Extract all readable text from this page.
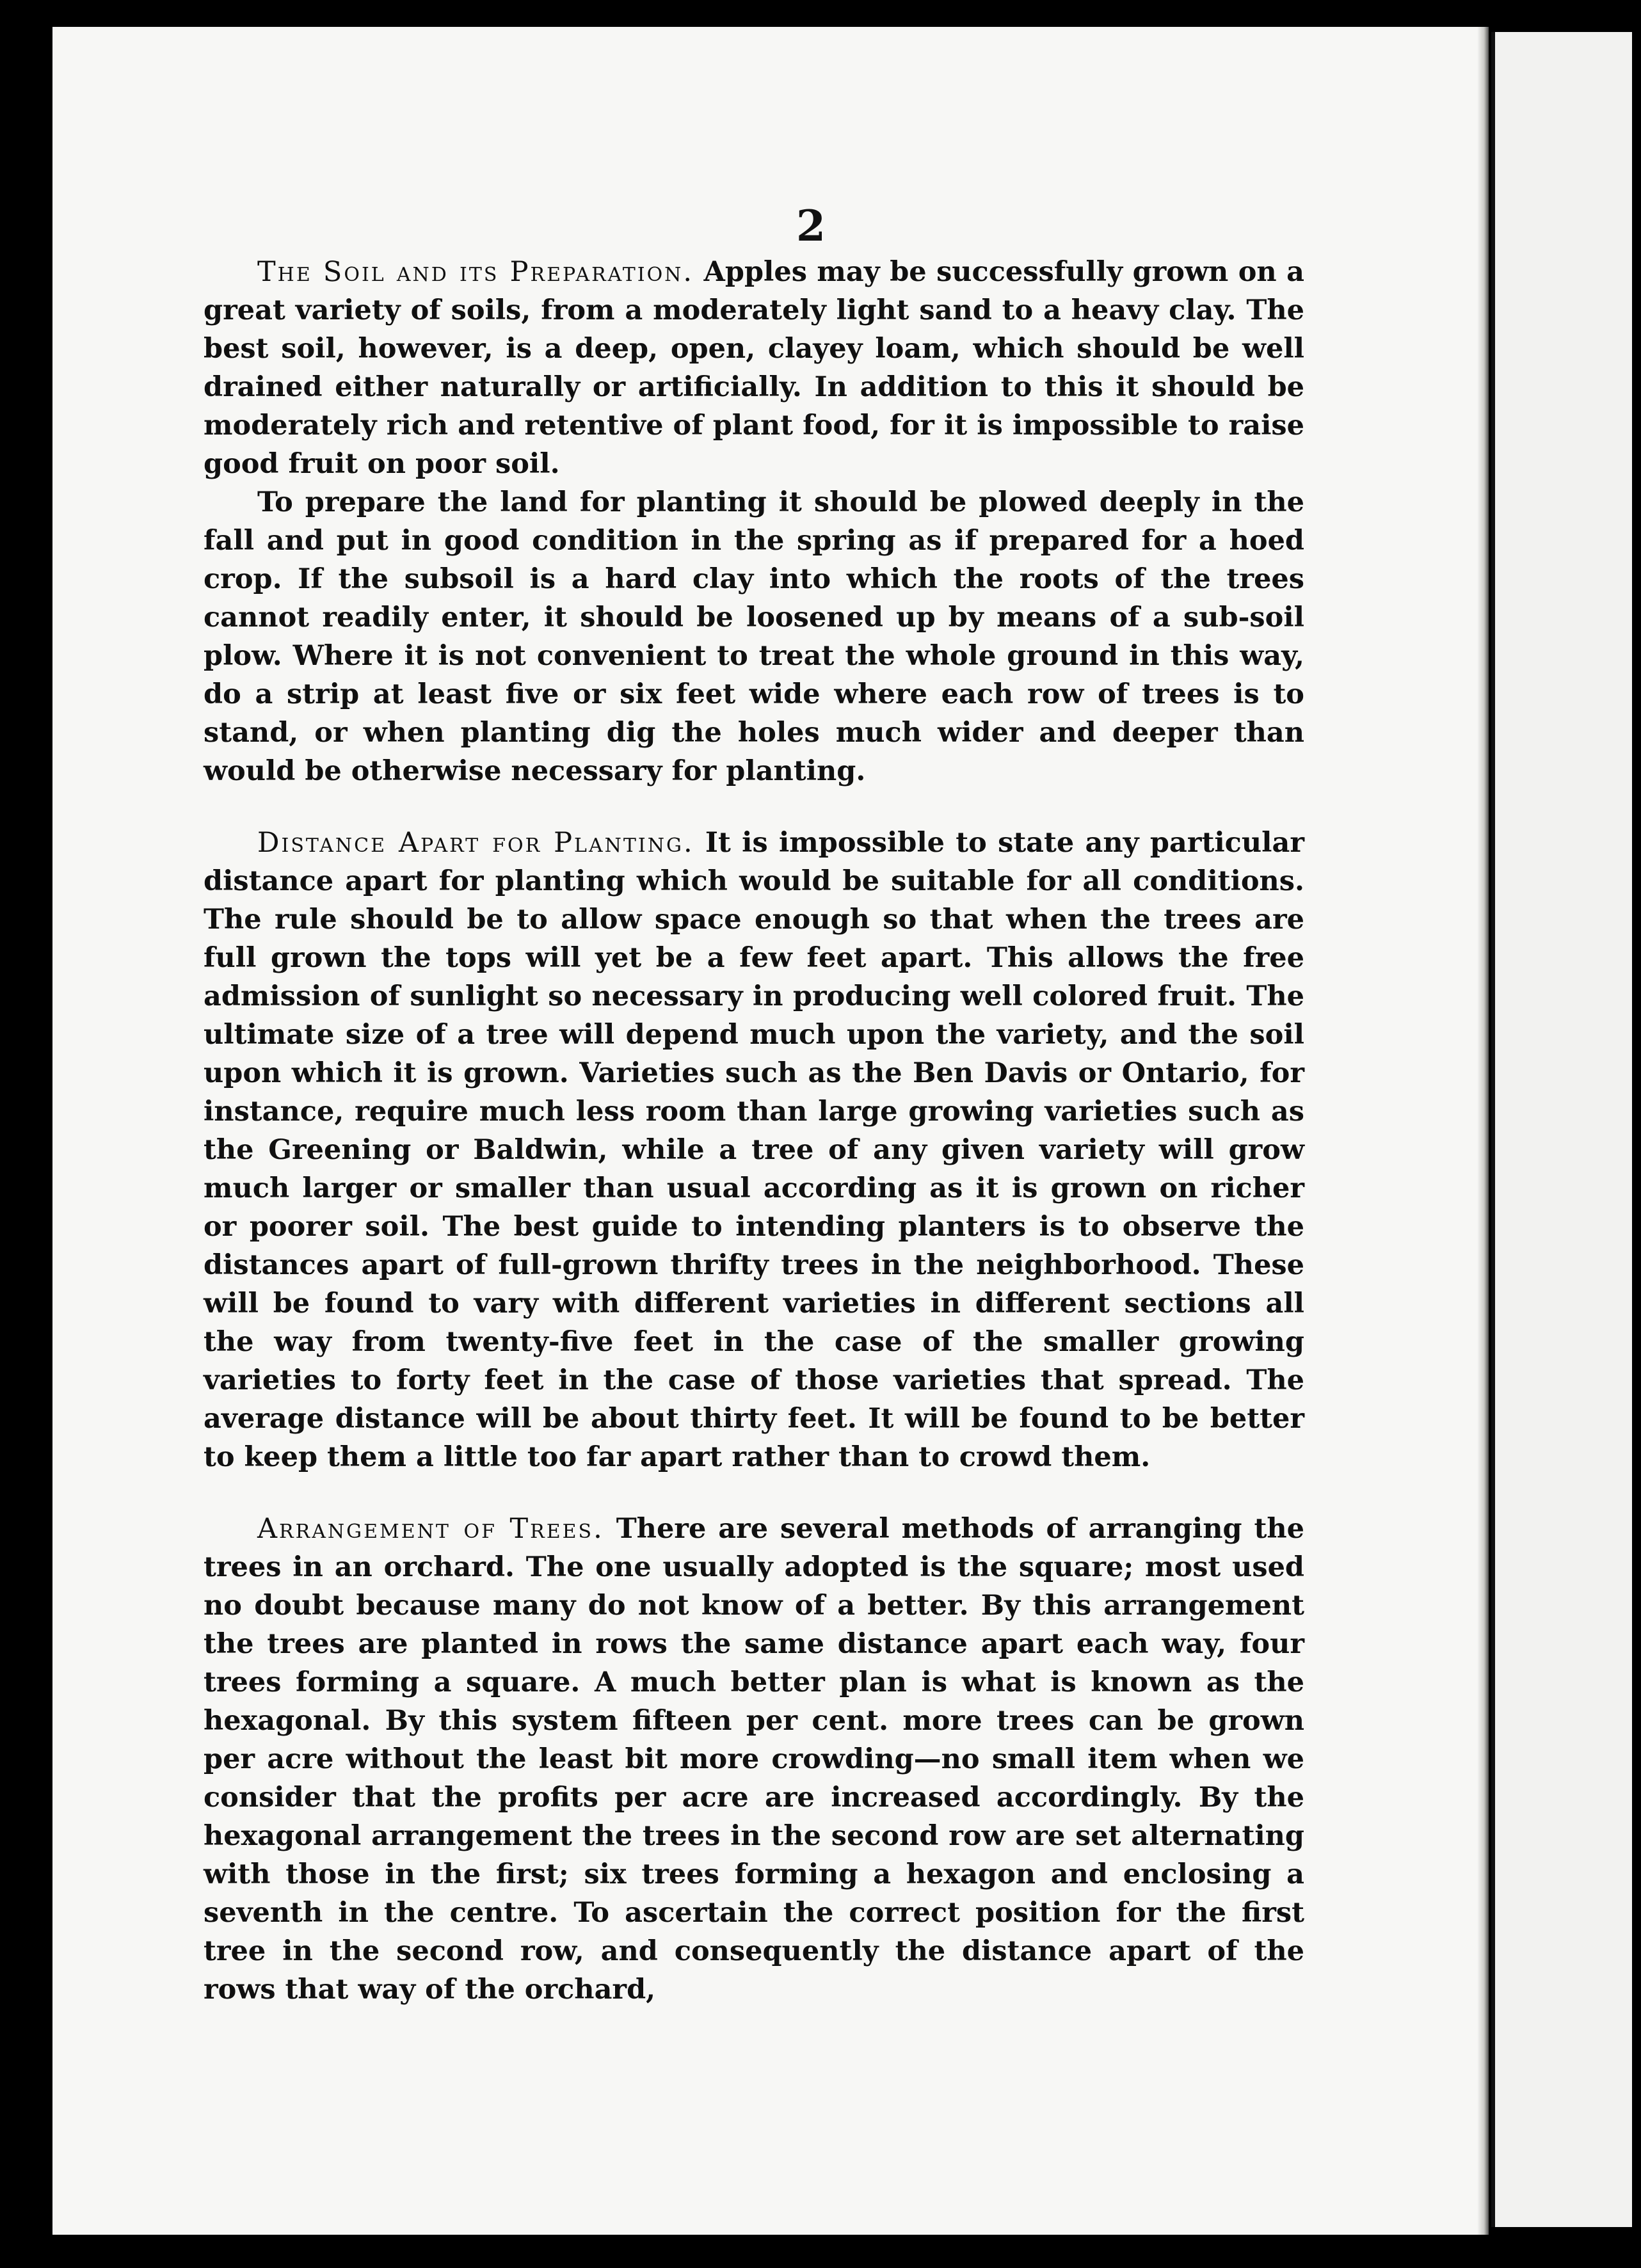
2

The Soil and its Preparation. Apples may be successfully grown on a great variety of soils, from a moderately light sand to a heavy clay. The best soil, however, is a deep, open, clayey loam, which should be well drained either naturally or artificially. In addition to this it should be moderately rich and retentive of plant food, for it is impossible to raise good fruit on poor soil.

To prepare the land for planting it should be plowed deeply in the fall and put in good condition in the spring as if prepared for a hoed crop. If the subsoil is a hard clay into which the roots of the trees cannot readily enter, it should be loosened up by means of a sub-soil plow. Where it is not convenient to treat the whole ground in this way, do a strip at least five or six feet wide where each row of trees is to stand, or when planting dig the holes much wider and deeper than would be otherwise necessary for planting.

Distance Apart for Planting. It is impossible to state any particular distance apart for planting which would be suitable for all conditions. The rule should be to allow space enough so that when the trees are full grown the tops will yet be a few feet apart. This allows the free admission of sunlight so necessary in producing well colored fruit. The ultimate size of a tree will depend much upon the variety, and the soil upon which it is grown. Varieties such as the Ben Davis or Ontario, for instance, require much less room than large growing varieties such as the Greening or Baldwin, while a tree of any given variety will grow much larger or smaller than usual according as it is grown on richer or poorer soil. The best guide to intending planters is to observe the distances apart of full-grown thrifty trees in the neighborhood. These will be found to vary with different varieties in different sections all the way from twenty-five feet in the case of the smaller growing varieties to forty feet in the case of those varieties that spread. The average distance will be about thirty feet. It will be found to be better to keep them a little too far apart rather than to crowd them.

Arrangement of Trees. There are several methods of arranging the trees in an orchard. The one usually adopted is the square; most used no doubt because many do not know of a better. By this arrangement the trees are planted in rows the same distance apart each way, four trees forming a square. A much better plan is what is known as the hexagonal. By this system fifteen per cent. more trees can be grown per acre without the least bit more crowding—no small item when we consider that the profits per acre are increased accordingly. By the hexagonal arrangement the trees in the second row are set alternating with those in the first; six trees forming a hexagon and enclosing a seventh in the centre. To ascertain the correct position for the first tree in the second row, and consequently the distance apart of the rows that way of the orchard,
